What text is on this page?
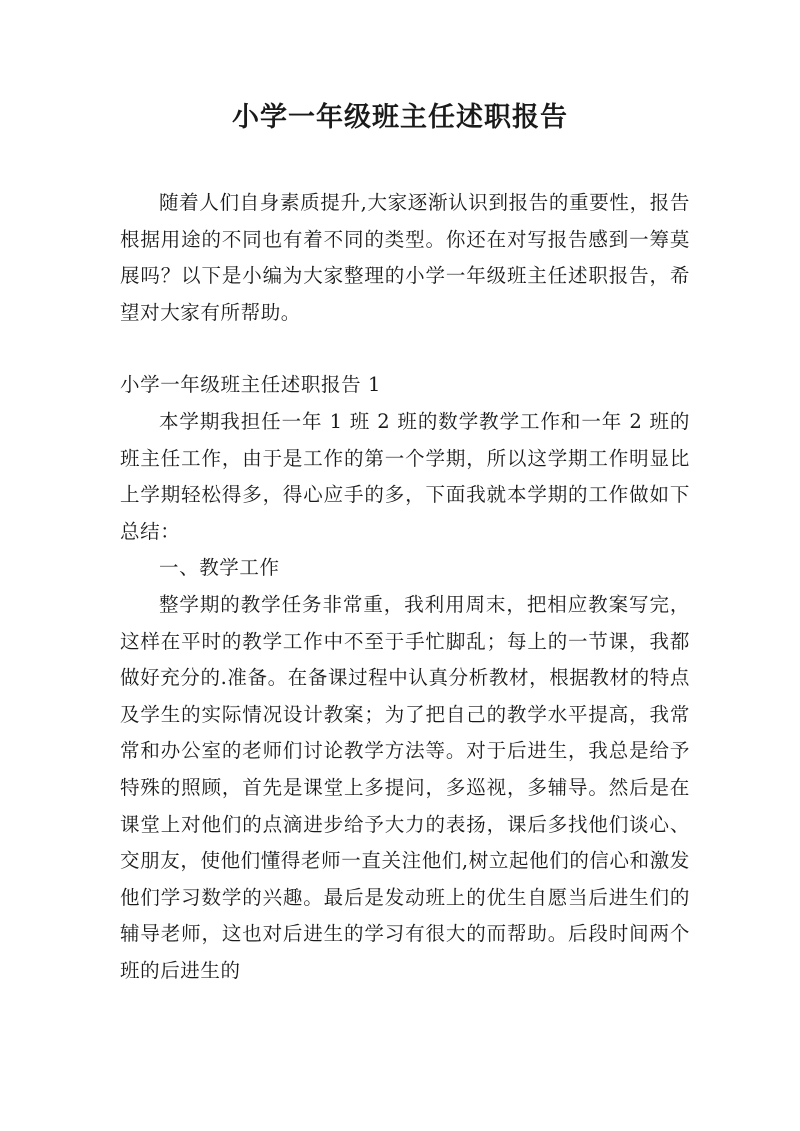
小学一年级班主任述职报告

随着人们自身素质提升,大家逐渐认识到报告的重要性，报告根据用途的不同也有着不同的类型。你还在对写报告感到一筹莫展吗？以下是小编为大家整理的小学一年级班主任述职报告，希望对大家有所帮助。

小学一年级班主任述职报告 1

本学期我担任一年 1 班 2 班的数学教学工作和一年 2 班的班主任工作，由于是工作的第一个学期，所以这学期工作明显比上学期轻松得多，得心应手的多，下面我就本学期的工作做如下总结：

一、教学工作

整学期的教学任务非常重，我利用周末，把相应教案写完，这样在平时的教学工作中不至于手忙脚乱；每上的一节课，我都做好充分的.准备。在备课过程中认真分析教材，根据教材的特点及学生的实际情况设计教案；为了把自己的教学水平提高，我常常和办公室的老师们讨论教学方法等。对于后进生，我总是给予特殊的照顾，首先是课堂上多提问，多巡视，多辅导。然后是在课堂上对他们的点滴进步给予大力的表扬，课后多找他们谈心、交朋友，使他们懂得老师一直关注他们,树立起他们的信心和激发他们学习数学的兴趣。最后是发动班上的优生自愿当后进生们的辅导老师，这也对后进生的学习有很大的而帮助。后段时间两个班的后进生的
